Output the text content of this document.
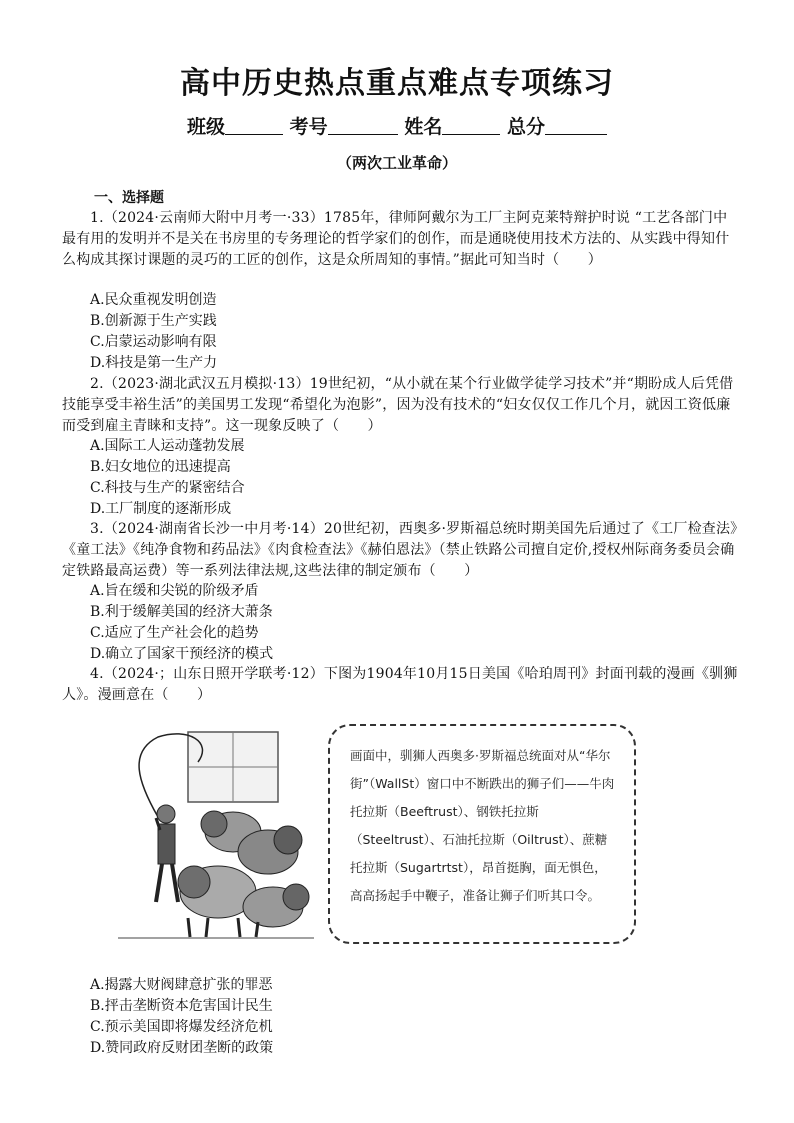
高中历史热点重点难点专项练习
班级	考号	姓名	总分
（两次工业革命）
一、选择题
1.（2024·云南师大附中月考一·33）1785年，律师阿戴尔为工厂主阿克莱特辩护时说 “工艺各部门中最有用的发明并不是关在书房里的专务理论的哲学家们的创作，而是通晓使用技术方法的、从实践中得知什么构成其探讨课题的灵巧的工匠的创作，这是众所周知的事情。”据此可知当时（　　）
A.民众重视发明创造
B.创新源于生产实践
C.启蒙运动影响有限
D.科技是第一生产力
2.（2023·湖北武汉五月模拟·13）19世纪初，“从小就在某个行业做学徒学习技术”并“期盼成人后凭借技能享受丰裕生活”的美国男工发现“希望化为泡影”，因为没有技术的“妇女仅仅工作几个月，就因工资低廉而受到雇主青睐和支持”。这一现象反映了（　　）
A.国际工人运动蓬勃发展
B.妇女地位的迅速提高
C.科技与生产的紧密结合
D.工厂制度的逐渐形成
3.（2024·湖南省长沙一中月考·14）20世纪初，西奥多·罗斯福总统时期美国先后通过了《工厂检查法》《童工法》《纯净食物和药品法》《肉食检查法》《赫伯恩法》（禁止铁路公司擅自定价,授权州际商务委员会确定铁路最高运费）等一系列法律法规,这些法律的制定颁布（　　）
A.旨在缓和尖锐的阶级矛盾
B.利于缓解美国的经济大萧条
C.适应了生产社会化的趋势
D.确立了国家干预经济的模式
4.（2024·；山东日照开学联考·12）下图为1904年10月15日美国《哈珀周刊》封面刊载的漫画《驯狮人》。漫画意在（　　）
画面中，驯狮人西奥多·罗斯福总统面对从“华尔街”（WallSt）窗口中不断跌出的狮子们——牛肉托拉斯（Beeftrust）、钢铁托拉斯（Steeltrust）、石油托拉斯（Oiltrust）、蔗糖托拉斯（Sugartrtst），昂首挺胸，面无惧色，高高扬起手中鞭子，准备让狮子们听其口令。
A.揭露大财阀肆意扩张的罪恶
B.抨击垄断资本危害国计民生
C.预示美国即将爆发经济危机
D.赞同政府反财团垄断的政策
